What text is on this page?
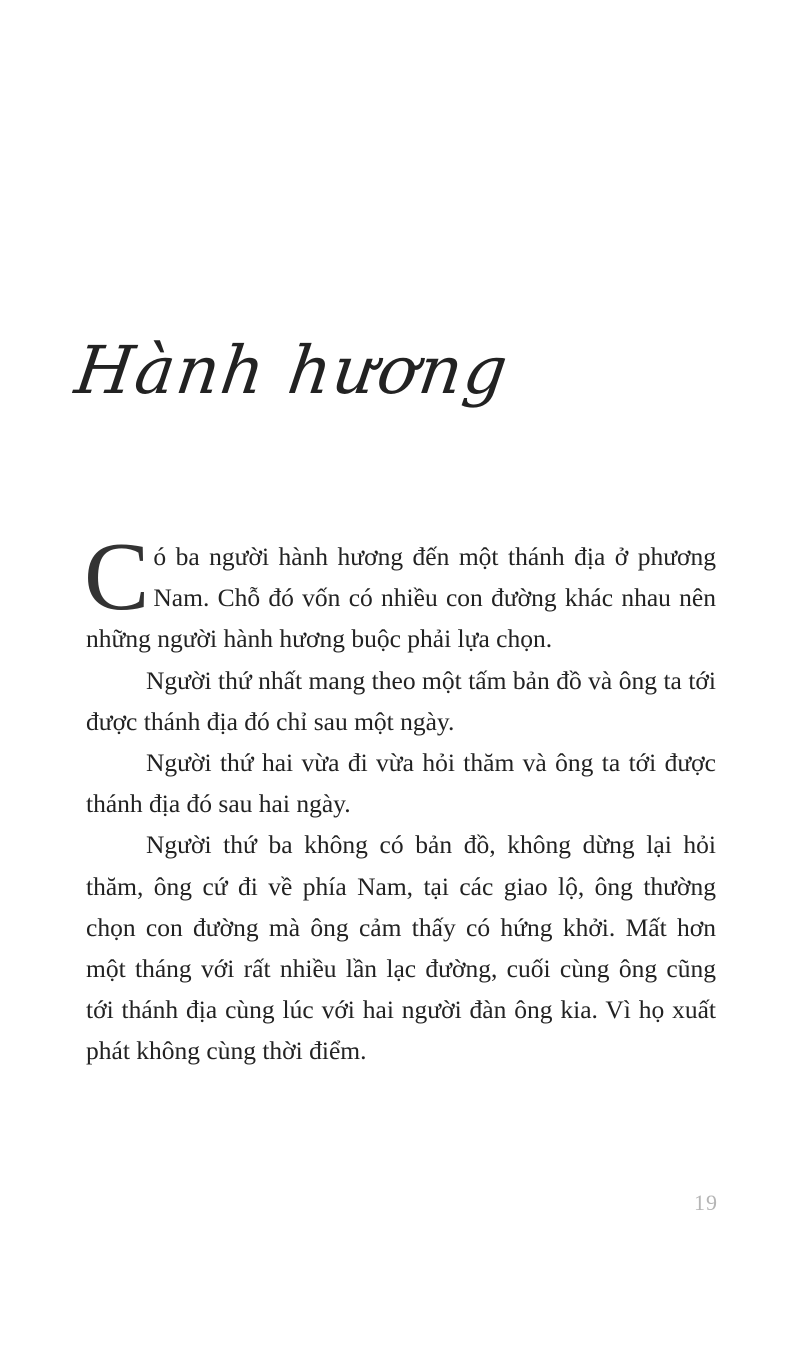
Hành hương

Có ba người hành hương đến một thánh địa ở phương Nam. Chỗ đó vốn có nhiều con đường khác nhau nên những người hành hương buộc phải lựa chọn.

Người thứ nhất mang theo một tấm bản đồ và ông ta tới được thánh địa đó chỉ sau một ngày.

Người thứ hai vừa đi vừa hỏi thăm và ông ta tới được thánh địa đó sau hai ngày.

Người thứ ba không có bản đồ, không dừng lại hỏi thăm, ông cứ đi về phía Nam, tại các giao lộ, ông thường chọn con đường mà ông cảm thấy có hứng khởi. Mất hơn một tháng với rất nhiều lần lạc đường, cuối cùng ông cũng tới thánh địa cùng lúc với hai người đàn ông kia. Vì họ xuất phát không cùng thời điểm.

19
